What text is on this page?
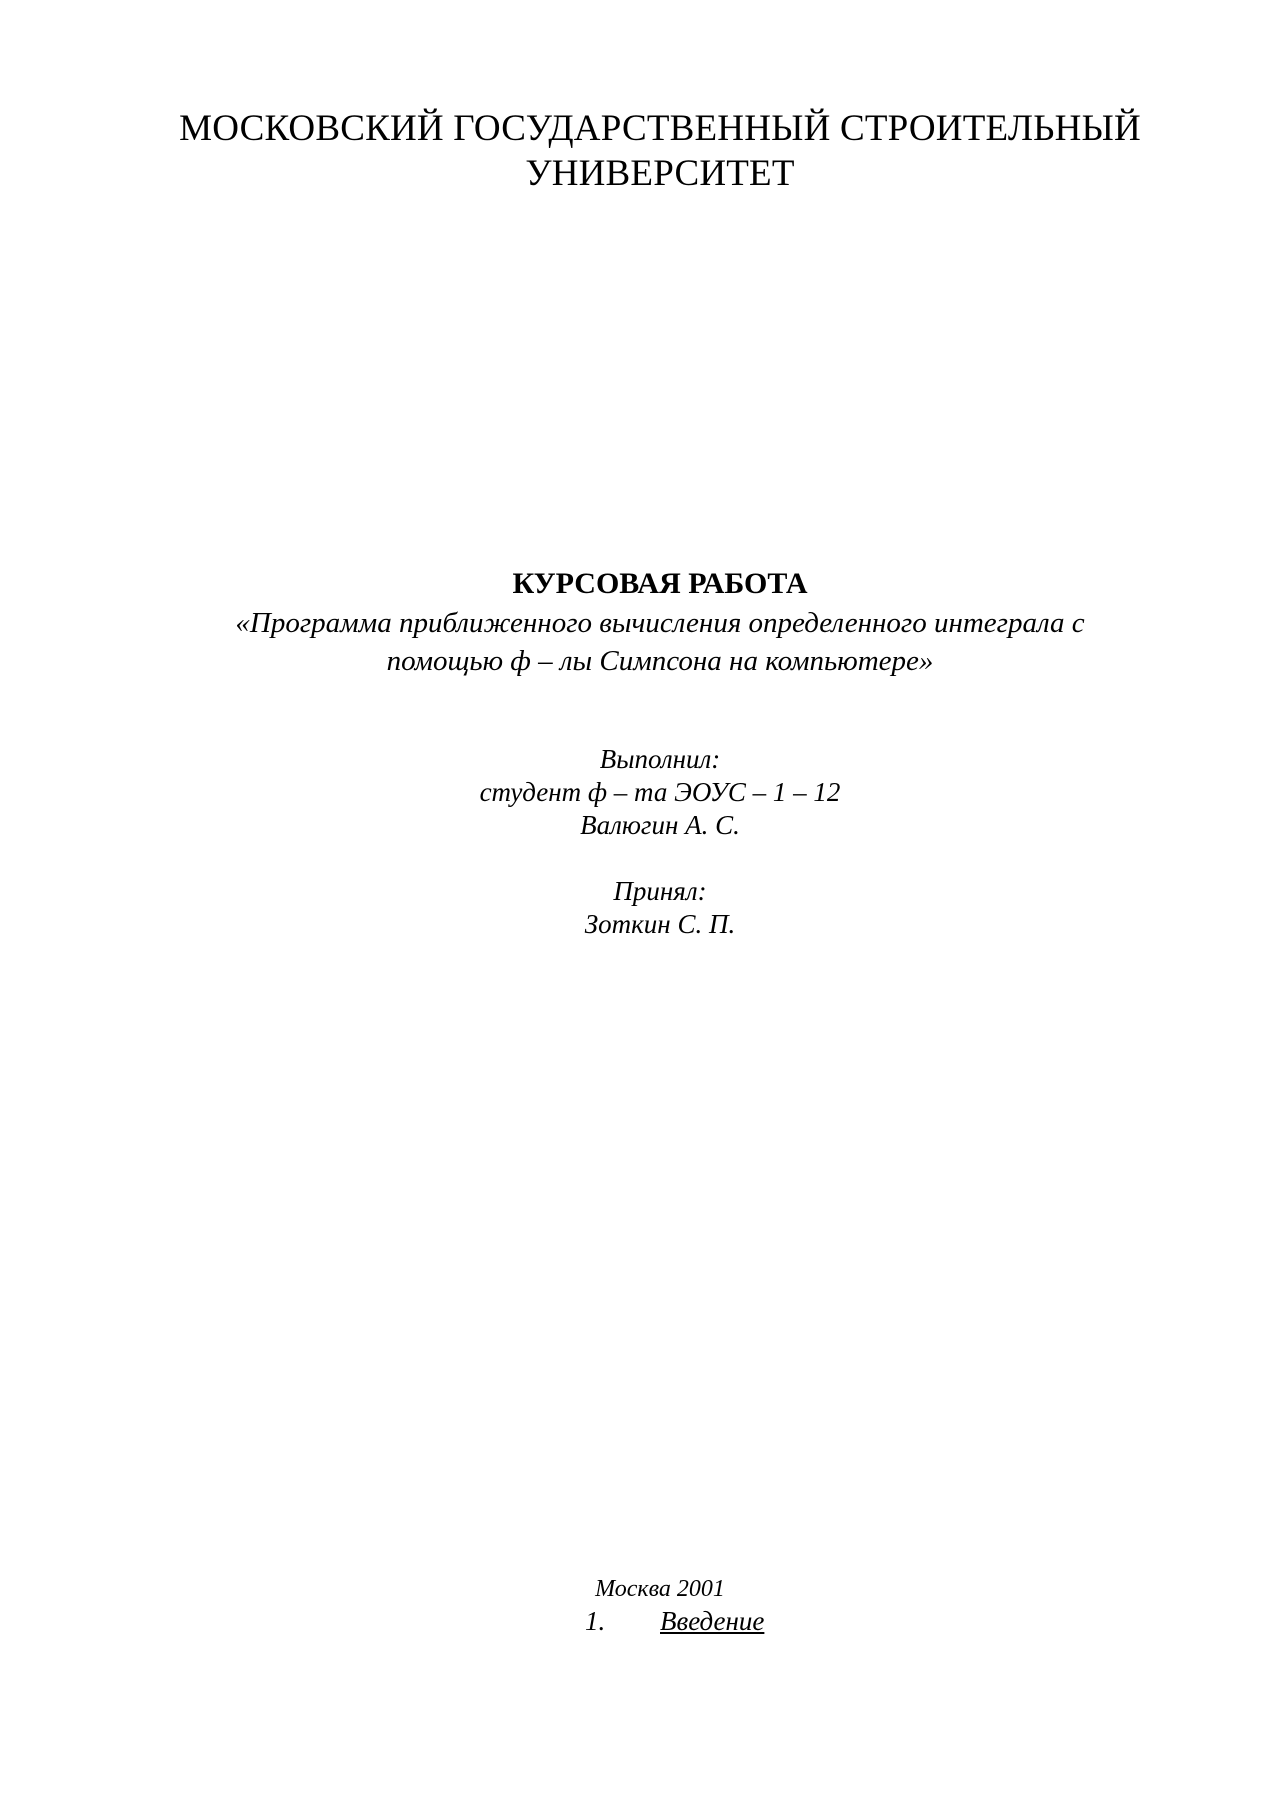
МОСКОВСКИЙ ГОСУДАРСТВЕННЫЙ СТРОИТЕЛЬНЫЙ
УНИВЕРСИТЕТ
КУРСОВАЯ РАБОТА
«Программа приближенного вычисления определенного интеграла с
помощью ф – лы Симпсона на компьютере»
Выполнил:
студент ф – та ЭОУС – 1 – 12
Валюгин А. С.
Принял:
Зоткин С. П.
Москва 2001
1. Введение
